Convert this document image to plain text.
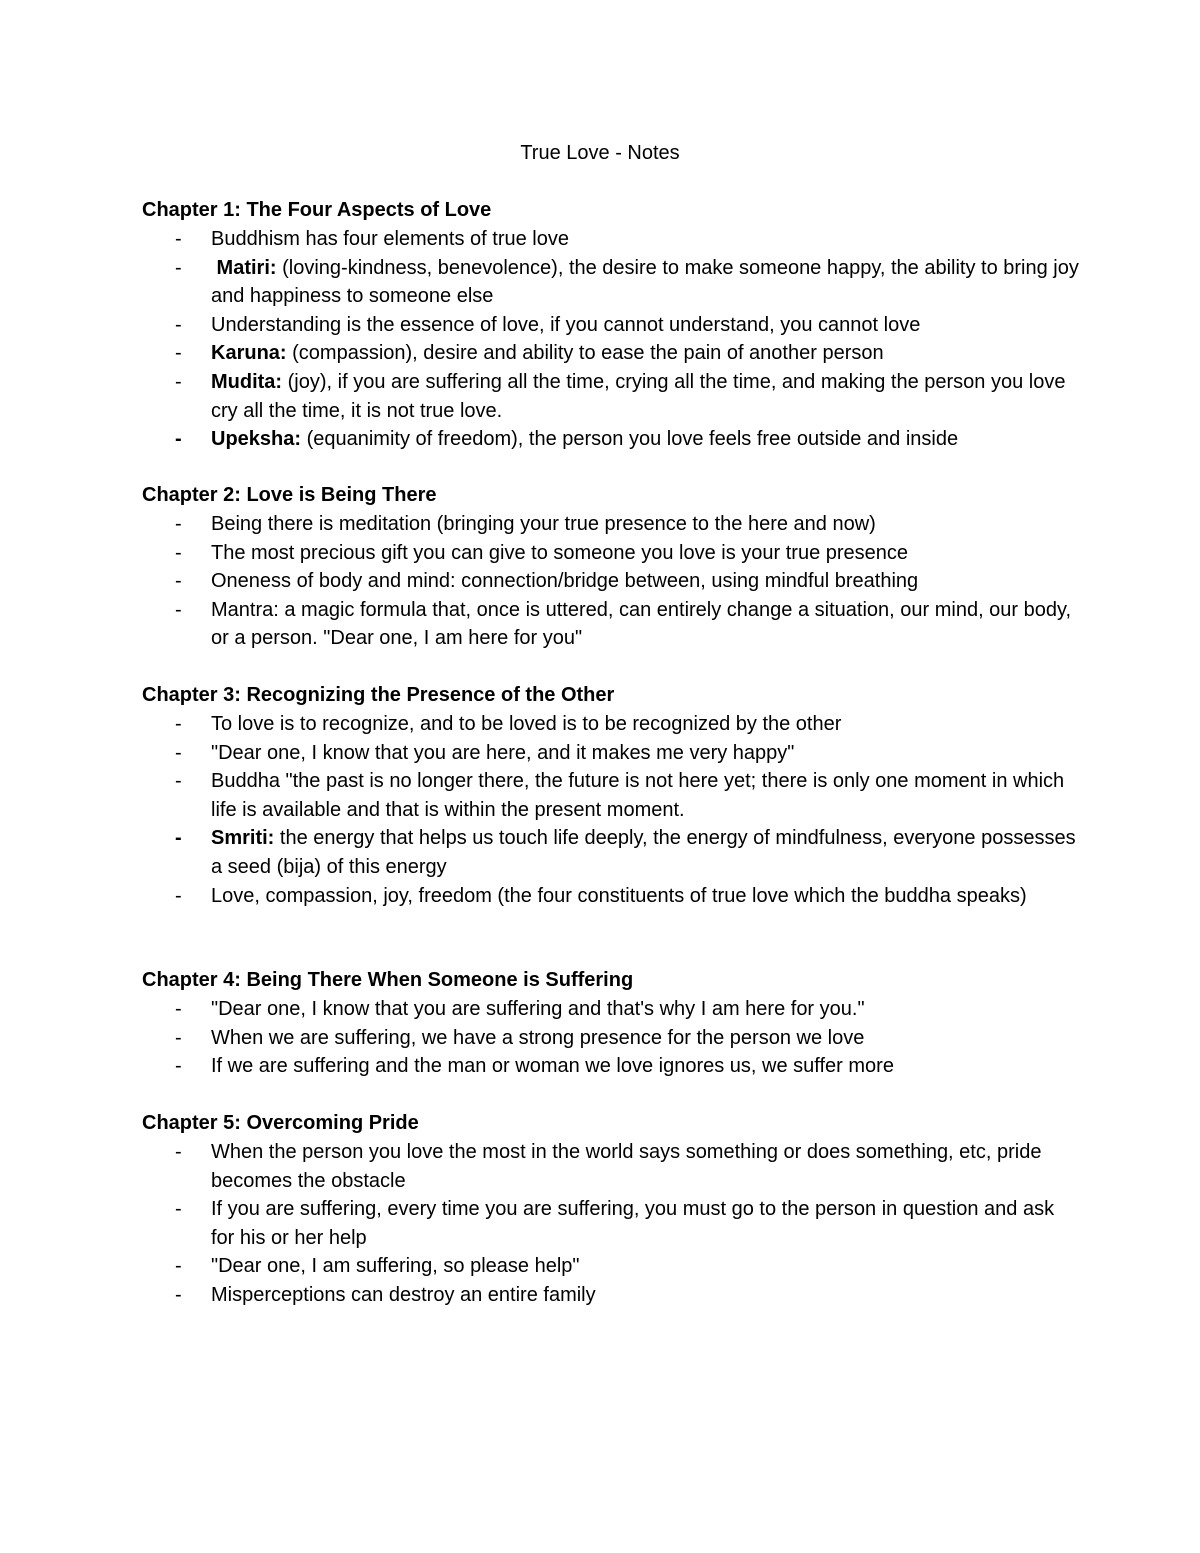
True Love - Notes
Chapter 1: The Four Aspects of Love
- Buddhism has four elements of true love
- Matiri: (loving-kindness, benevolence), the desire to make someone happy, the ability to bring joy and happiness to someone else
- Understanding is the essence of love, if you cannot understand, you cannot love
- Karuna: (compassion), desire and ability to ease the pain of another person
- Mudita: (joy), if you are suffering all the time, crying all the time, and making the person you love cry all the time, it is not true love.
- Upeksha: (equanimity of freedom), the person you love feels free outside and inside
Chapter 2: Love is Being There
- Being there is meditation (bringing your true presence to the here and now)
- The most precious gift you can give to someone you love is your true presence
- Oneness of body and mind: connection/bridge between, using mindful breathing
- Mantra: a magic formula that, once is uttered, can entirely change a situation, our mind, our body, or a person. "Dear one, I am here for you"
Chapter 3: Recognizing the Presence of the Other
- To love is to recognize, and to be loved is to be recognized by the other
- "Dear one, I know that you are here, and it makes me very happy"
- Buddha "the past is no longer there, the future is not here yet; there is only one moment in which life is available and that is within the present moment.
- Smriti: the energy that helps us touch life deeply, the energy of mindfulness, everyone possesses a seed (bija) of this energy
- Love, compassion, joy, freedom (the four constituents of true love which the buddha speaks)
Chapter 4: Being There When Someone is Suffering
- "Dear one, I know that you are suffering and that's why I am here for you."
- When we are suffering, we have a strong presence for the person we love
- If we are suffering and the man or woman we love ignores us, we suffer more
Chapter 5: Overcoming Pride
- When the person you love the most in the world says something or does something, etc, pride becomes the obstacle
- If you are suffering, every time you are suffering, you must go to the person in question and ask for his or her help
- "Dear one, I am suffering, so please help"
- Misperceptions can destroy an entire family
